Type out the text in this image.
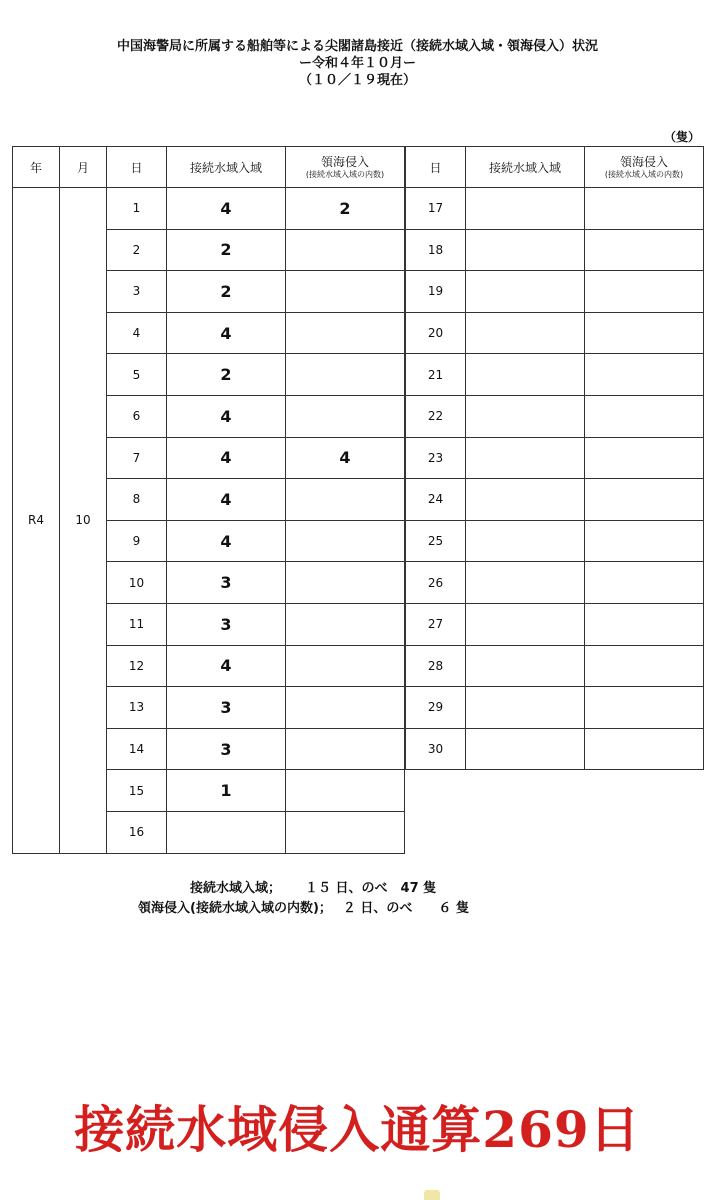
中国海警局に所属する船舶等による尖閣諸島接近（接続水域入域・領海侵入）状況
ー令和４年１０月ー
（１０／１９現在）
（隻）
年	月	日	接続水域入域	領海侵入
(接続水域入域の内数)

R4	10	1	4	2
		2	2	
		3	2	
		4	4	
		5	2	
		6	4	
		7	4	4
		8	4	
		9	4	
		10	3	
		11	3	
		12	4	
		13	3	
		14	3	
		15	1	
		16		
日	接続水域入域	領海侵入
(接続水域入域の内数)

17		
18		
19		
20		
21		
22		
23		
24		
25		
26		
27		
28		
29		
30		
接続水域入域；　　 １５ 日、のべ　47 隻
領海侵入(接続水域入域の内数)；　 ２ 日、のべ　　６ 隻
接続水域侵入通算269日
